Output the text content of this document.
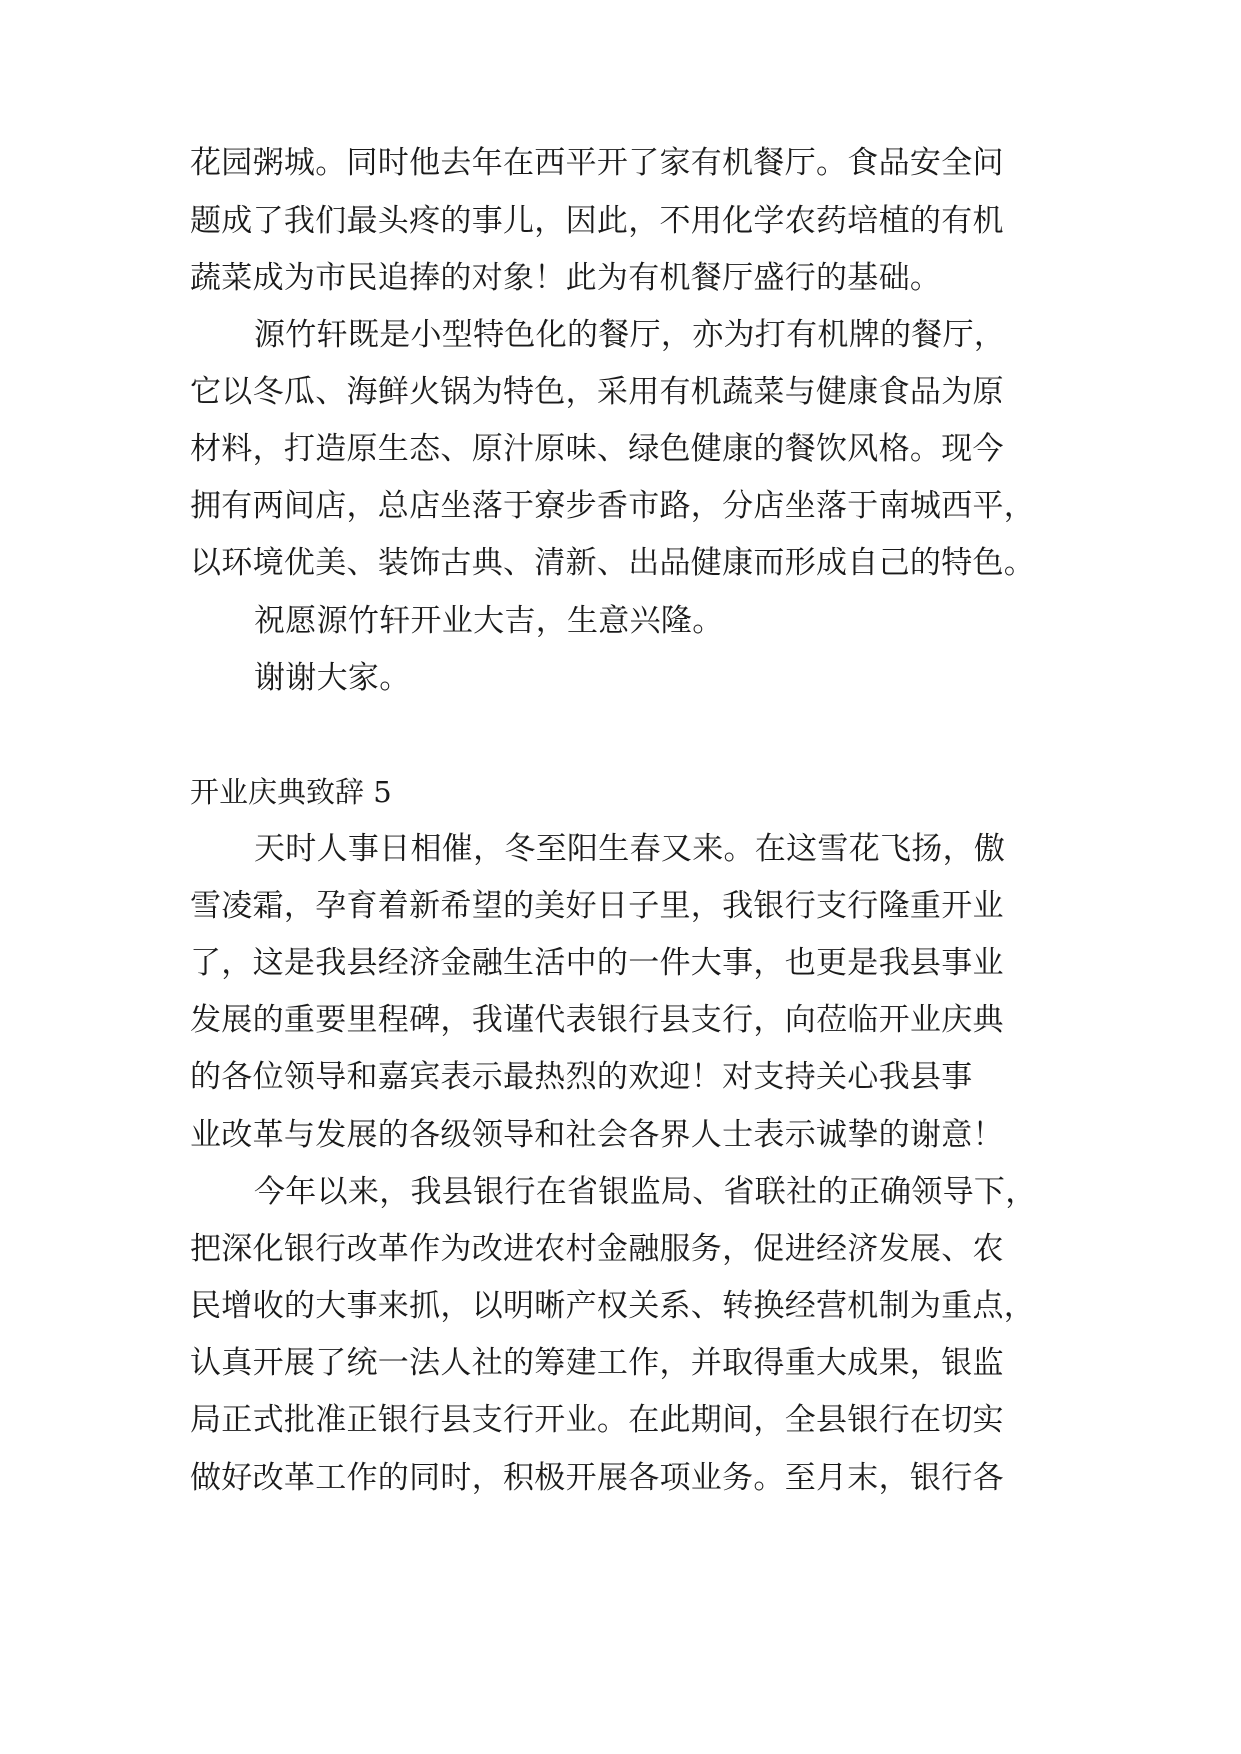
花园粥城。同时他去年在西平开了家有机餐厅。食品安全问
题成了我们最头疼的事儿，因此，不用化学农药培植的有机
蔬菜成为市民追捧的对象！此为有机餐厅盛行的基础。
源竹轩既是小型特色化的餐厅，亦为打有机牌的餐厅，
它以冬瓜、海鲜火锅为特色，采用有机蔬菜与健康食品为原
材料，打造原生态、原汁原味、绿色健康的餐饮风格。现今
拥有两间店，总店坐落于寮步香市路，分店坐落于南城西平，
以环境优美、装饰古典、清新、出品健康而形成自己的特色。
祝愿源竹轩开业大吉，生意兴隆。
谢谢大家。
开业庆典致辞 5
天时人事日相催，冬至阳生春又来。在这雪花飞扬，傲
雪凌霜，孕育着新希望的美好日子里，我银行支行隆重开业
了，这是我县经济金融生活中的一件大事，也更是我县事业
发展的重要里程碑，我谨代表银行县支行，向莅临开业庆典
的各位领导和嘉宾表示最热烈的欢迎！对支持关心我县事
业改革与发展的各级领导和社会各界人士表示诚挚的谢意！
今年以来，我县银行在省银监局、省联社的正确领导下，
把深化银行改革作为改进农村金融服务，促进经济发展、农
民增收的大事来抓，以明晰产权关系、转换经营机制为重点，
认真开展了统一法人社的筹建工作，并取得重大成果，银监
局正式批准正银行县支行开业。在此期间，全县银行在切实
做好改革工作的同时，积极开展各项业务。至月末，银行各
